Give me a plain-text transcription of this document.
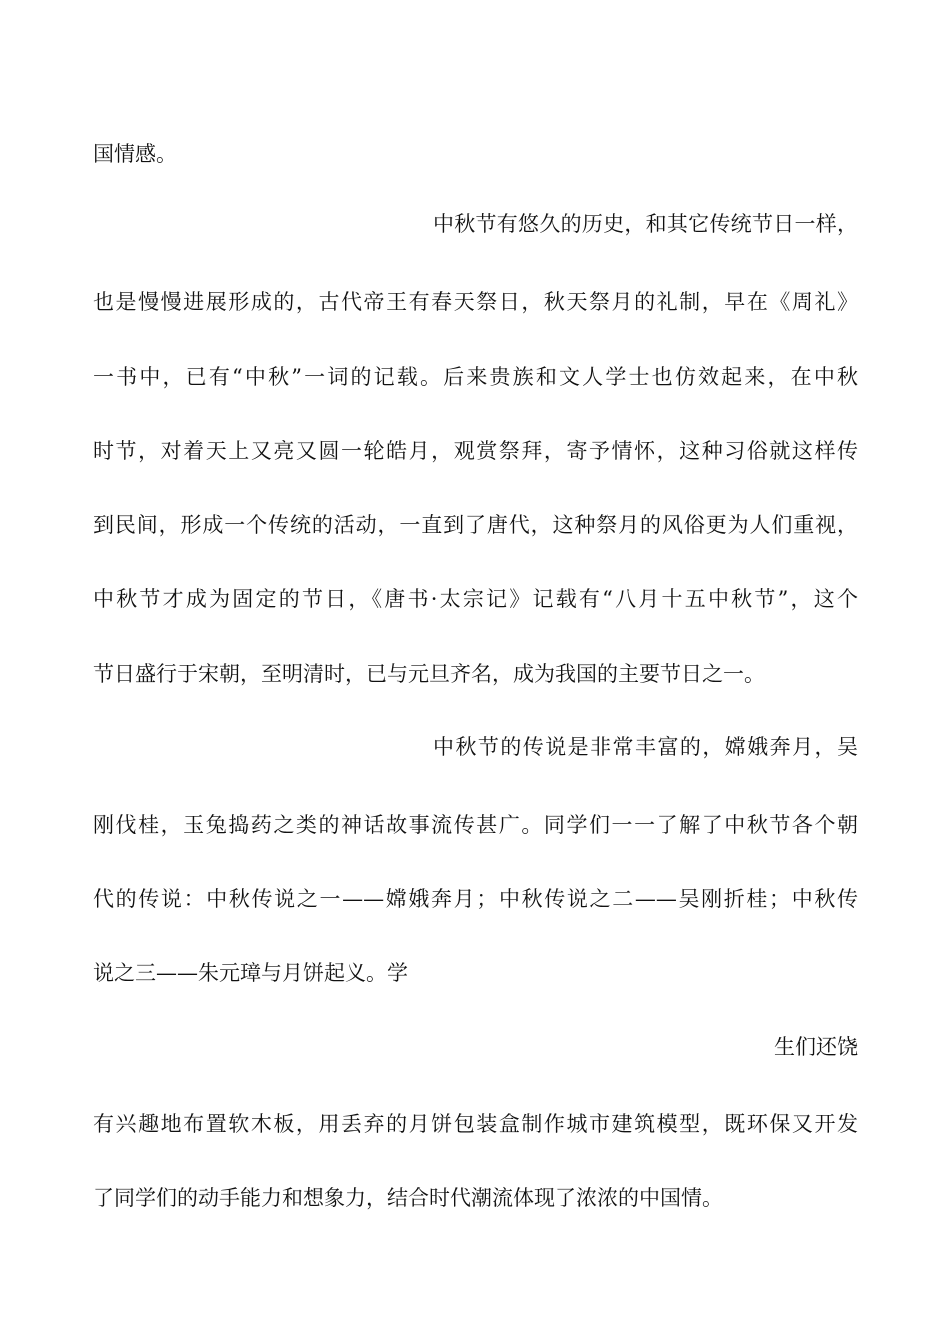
国情感。
中秋节有悠久的历史，和其它传统节日一样，
也是慢慢进展形成的，古代帝王有春天祭日，秋天祭月的礼制，早在《周礼》
一书中，已有“中秋”一词的记载。后来贵族和文人学士也仿效起来，在中秋
时节，对着天上又亮又圆一轮皓月，观赏祭拜，寄予情怀，这种习俗就这样传
到民间，形成一个传统的活动，一直到了唐代，这种祭月的风俗更为人们重视，
中秋节才成为固定的节日，《唐书·太宗记》记载有“八月十五中秋节”，这个
节日盛行于宋朝，至明清时，已与元旦齐名，成为我国的主要节日之一。
中秋节的传说是非常丰富的，嫦娥奔月，吴
刚伐桂，玉兔捣药之类的神话故事流传甚广。同学们一一了解了中秋节各个朝
代的传说：中秋传说之一——嫦娥奔月；中秋传说之二——吴刚折桂；中秋传
说之三——朱元璋与月饼起义。学
生们还饶
有兴趣地布置软木板，用丢弃的月饼包装盒制作城市建筑模型，既环保又开发
了同学们的动手能力和想象力，结合时代潮流体现了浓浓的中国情。
